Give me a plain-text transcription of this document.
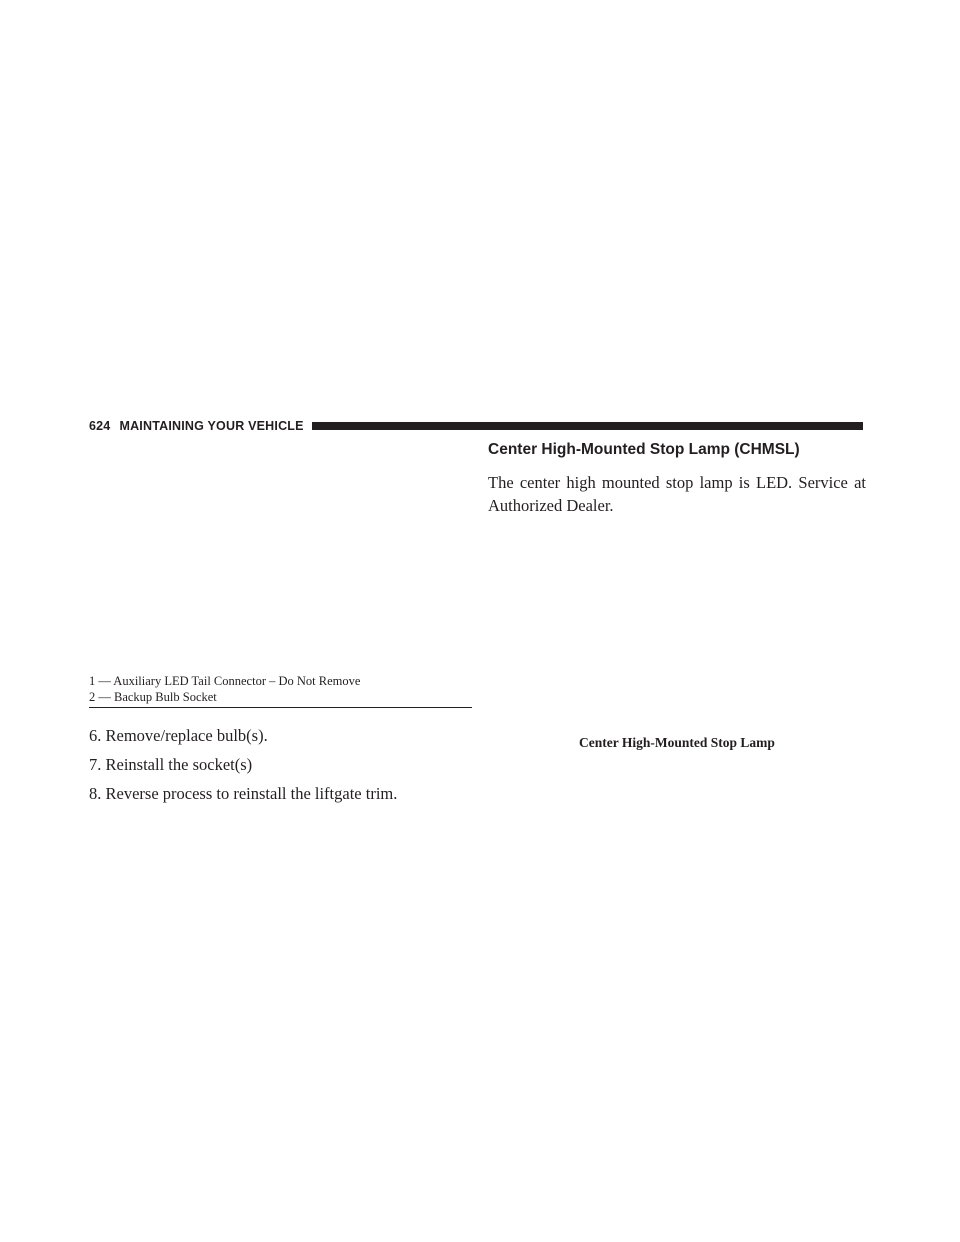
624 MAINTAINING YOUR VEHICLE
Center High-Mounted Stop Lamp (CHMSL)

The center high mounted stop lamp is LED. Service at Authorized Dealer.

1 — Auxiliary LED Tail Connector – Do Not Remove
2 — Backup Bulb Socket
6. Remove/replace bulb(s).
7. Reinstall the socket(s)
8. Reverse process to reinstall the liftgate trim.
Center High-Mounted Stop Lamp
